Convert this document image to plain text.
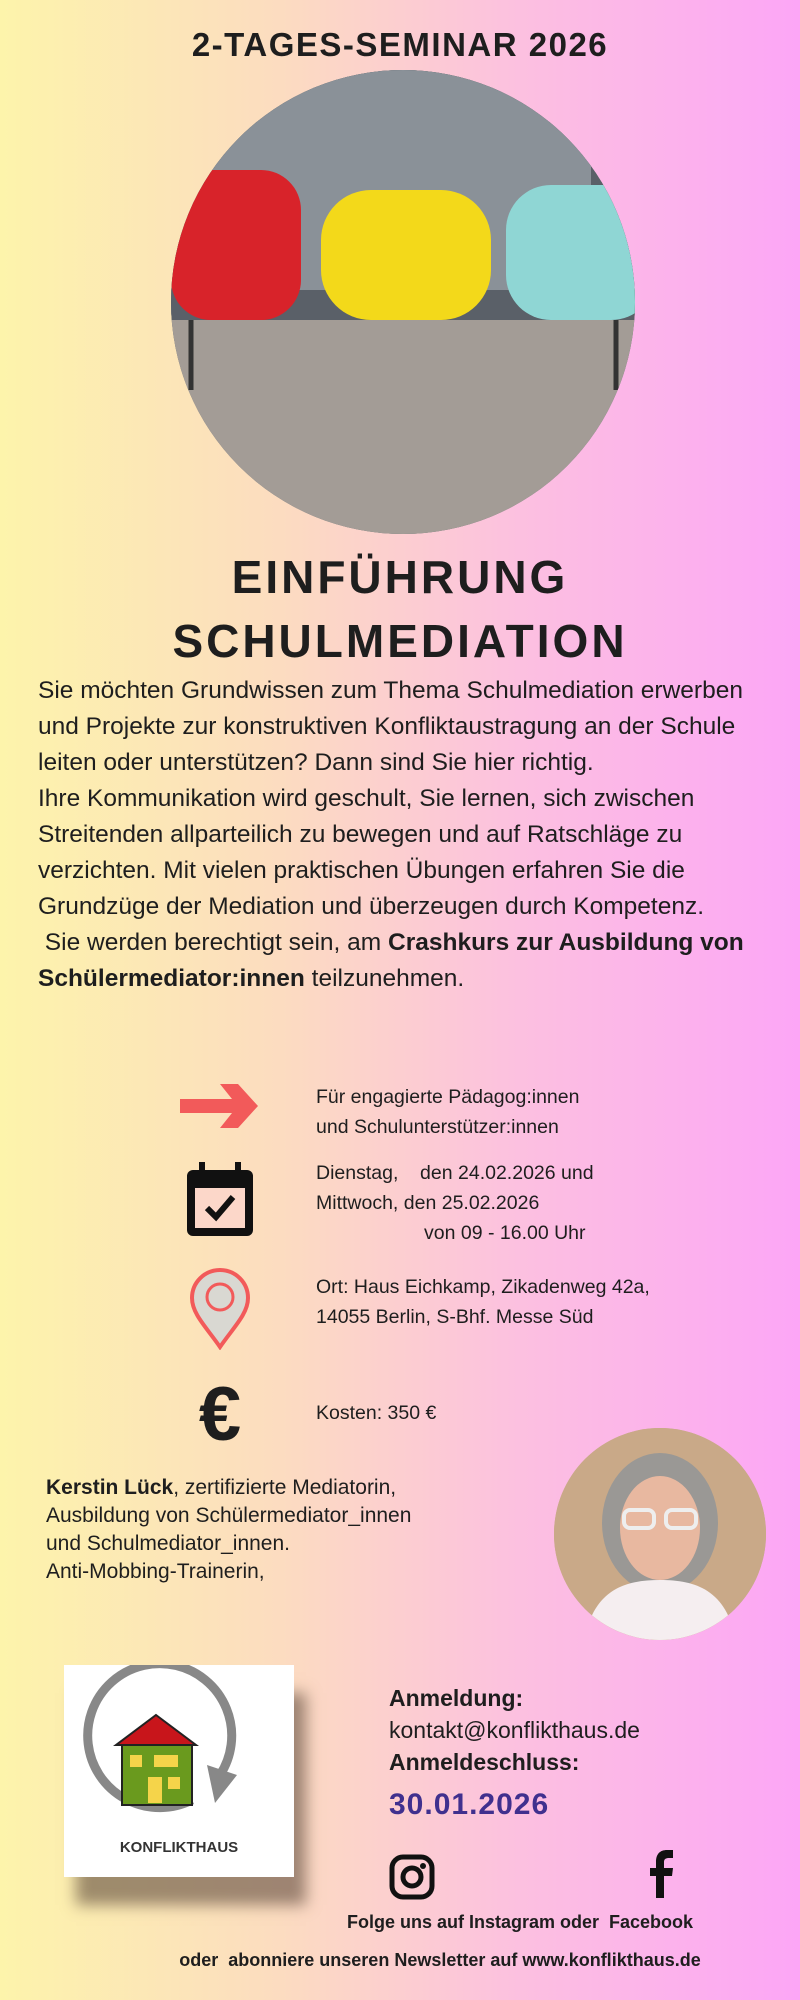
2-TAGES-SEMINAR 2026
EINFÜHRUNG
SCHULMEDIATION
Sie möchten Grundwissen zum Thema Schulmediation erwerben und Projekte zur konstruktiven Konfliktaustragung an der Schule leiten oder unterstützen? Dann sind Sie hier richtig.
Ihre Kommunikation wird geschult, Sie lernen, sich zwischen Streitenden allparteilich zu bewegen und auf Ratschläge zu verzichten. Mit vielen praktischen Übungen erfahren Sie die Grundzüge der Mediation und überzeugen durch Kompetenz.
Sie werden berechtigt sein, am Crashkurs zur Ausbildung von Schülermediator:innen teilzunehmen.
Für engagierte Pädagog:innen
und Schulunterstützer:innen
Dienstag,    den 24.02.2026 und
Mittwoch, den 25.02.2026
von 09 - 16.00 Uhr
Ort: Haus Eichkamp, Zikadenweg 42a,
14055 Berlin, S-Bhf. Messe Süd
€	Kosten: 350 €
Kerstin Lück, zertifizierte Mediatorin,
Ausbildung von Schülermediator_innen
und Schulmediator_innen.
Anti-Mobbing-Trainerin,
KONFLIKTHAUS
Anmeldung:
kontakt@konflikthaus.de
Anmeldeschluss:
30.01.2026
Folge uns auf Instagram oder  Facebook
oder  abonniere unseren Newsletter auf www.konflikthaus.de
